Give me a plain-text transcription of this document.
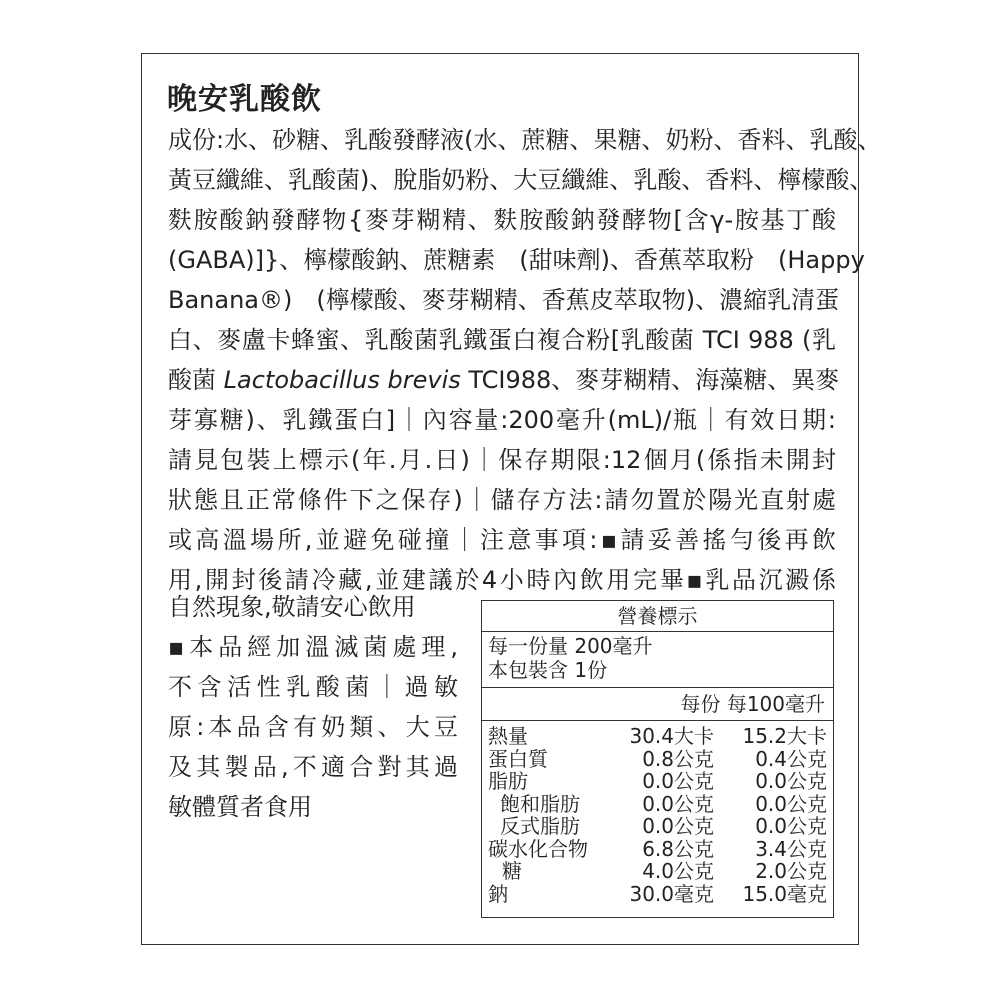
晚安乳酸飲
成份:水、砂糖、乳酸發酵液(水、蔗糖、果糖、奶粉、香料、乳酸、
黃豆纖維、乳酸菌)、脫脂奶粉、大豆纖維、乳酸、香料、檸檬酸、
麩胺酸鈉發酵物{麥芽糊精、麩胺酸鈉發酵物[含γ-胺基丁酸
(GABA)]}、檸檬酸鈉、蔗糖素　(甜味劑)、香蕉萃取粉　(Happy
Banana®)　(檸檬酸、麥芽糊精、香蕉皮萃取物)、濃縮乳清蛋
白、麥盧卡蜂蜜、乳酸菌乳鐵蛋白複合粉[乳酸菌 TCI 988 (乳
酸菌 Lactobacillus brevis TCI988、麥芽糊精、海藻糖、異麥
芽寡糖)、乳鐵蛋白]｜內容量:200毫升(mL)/瓶｜有效日期:
請見包裝上標示(年.月.日)｜保存期限:12個月(係指未開封
狀態且正常條件下之保存)｜儲存方法:請勿置於陽光直射處
或高溫場所,並避免碰撞｜注意事項:▪請妥善搖勻後再飲
用,開封後請冷藏,並建議於4小時內飲用完畢▪乳品沉澱係
自然現象,敬請安心飲用
▪本品經加溫滅菌處理,
不含活性乳酸菌｜過敏
原:本品含有奶類、大豆
及其製品,不適合對其過
敏體質者食用
營養標示
每一份量 200毫升
本包裝含 1份
每份 每100毫升
熱量	30.4大卡	15.2大卡
蛋白質	0.8公克	0.4公克
脂肪	0.0公克	0.0公克
飽和脂肪	0.0公克	0.0公克
反式脂肪	0.0公克	0.0公克
碳水化合物	6.8公克	3.4公克
糖	4.0公克	2.0公克
鈉	30.0毫克	15.0毫克
